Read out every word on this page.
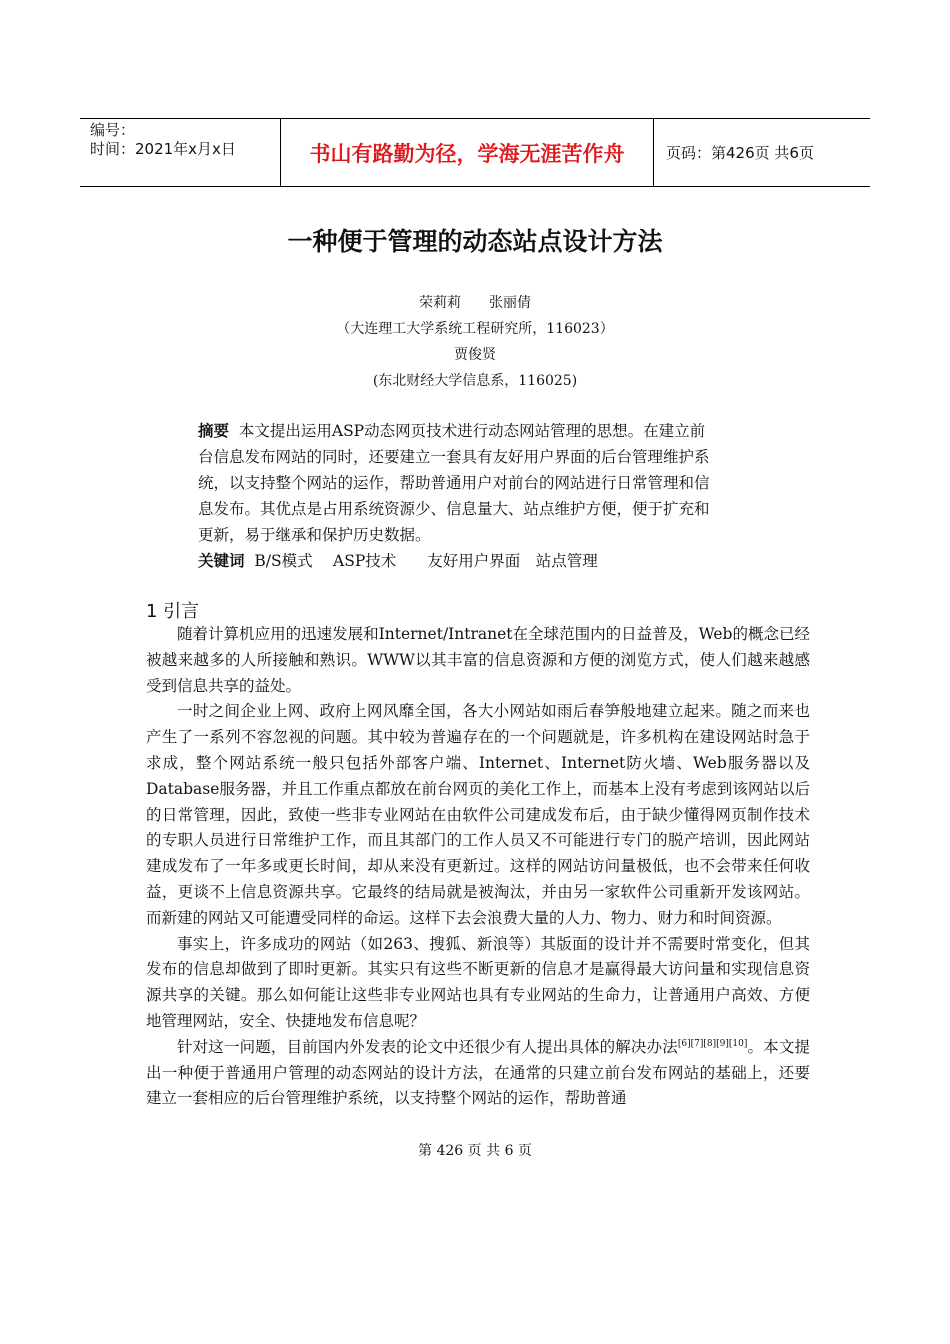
编号：
时间：2021年x月x日	书山有路勤为径，学海无涯苦作舟	页码：第426页 共6页
一种便于管理的动态站点设计方法
荣莉莉　　张丽倩
（大连理工大学系统工程研究所，116023）
贾俊贤
(东北财经大学信息系，116025)
摘要 本文提出运用ASP动态网页技术进行动态网站管理的思想。在建立前
台信息发布网站的同时，还要建立一套具有友好用户界面的后台管理维护系
统，以支持整个网站的运作，帮助普通用户对前台的网站进行日常管理和信
息发布。其优点是占用系统资源少、信息量大、站点维护方便，便于扩充和
更新，易于继承和保护历史数据。
关键词 B/S模式　 ASP技术　　友好用户界面　站点管理
1 引言

随着计算机应用的迅速发展和Internet/Intranet在全球范围内的日益普及，Web的概念已经被越来越多的人所接触和熟识。WWW以其丰富的信息资源和方便的浏览方式，使人们越来越感受到信息共享的益处。

一时之间企业上网、政府上网风靡全国，各大小网站如雨后春笋般地建立起来。随之而来也产生了一系列不容忽视的问题。其中较为普遍存在的一个问题就是，许多机构在建设网站时急于求成，整个网站系统一般只包括外部客户端、Internet、Internet防火墙、Web服务器以及Database服务器，并且工作重点都放在前台网页的美化工作上，而基本上没有考虑到该网站以后的日常管理，因此，致使一些非专业网站在由软件公司建成发布后，由于缺少懂得网页制作技术的专职人员进行日常维护工作，而且其部门的工作人员又不可能进行专门的脱产培训，因此网站建成发布了一年多或更长时间，却从来没有更新过。这样的网站访问量极低，也不会带来任何收益，更谈不上信息资源共享。它最终的结局就是被淘汰，并由另一家软件公司重新开发该网站。而新建的网站又可能遭受同样的命运。这样下去会浪费大量的人力、物力、财力和时间资源。

事实上，许多成功的网站（如263、搜狐、新浪等）其版面的设计并不需要时常变化，但其发布的信息却做到了即时更新。其实只有这些不断更新的信息才是赢得最大访问量和实现信息资源共享的关键。那么如何能让这些非专业网站也具有专业网站的生命力，让普通用户高效、方便地管理网站，安全、快捷地发布信息呢？

针对这一问题，目前国内外发表的论文中还很少有人提出具体的解决办法[6][7][8][9][10]。本文提出一种便于普通用户管理的动态网站的设计方法，在通常的只建立前台发布网站的基础上，还要建立一套相应的后台管理维护系统，以支持整个网站的运作，帮助普通

第 426 页 共 6 页
